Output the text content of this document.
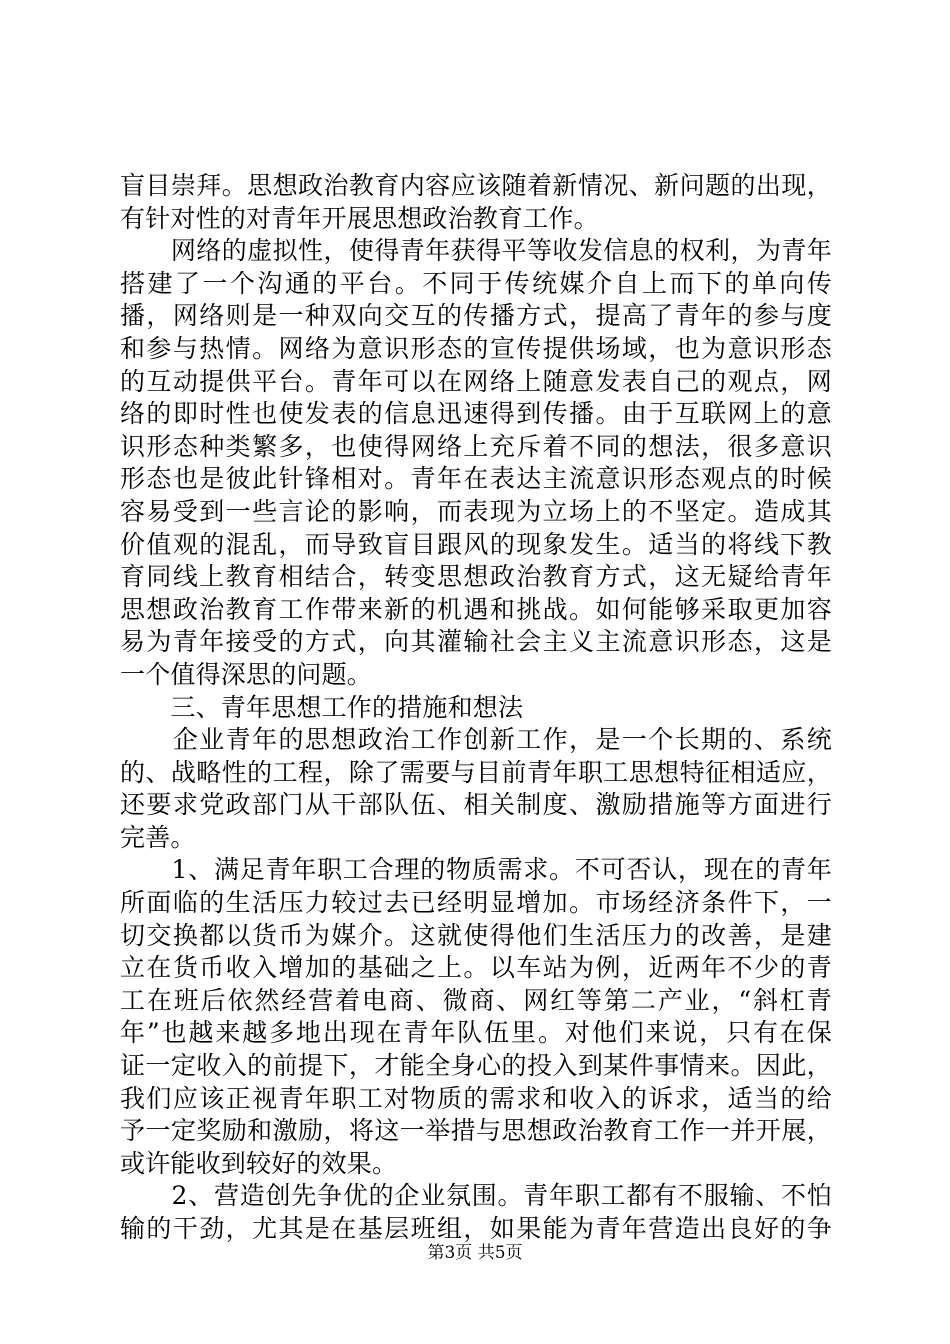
盲目崇拜。思想政治教育内容应该随着新情况、新问题的出现，
有针对性的对青年开展思想政治教育工作。
　　网络的虚拟性，使得青年获得平等收发信息的权利，为青年
搭建了一个沟通的平台。不同于传统媒介自上而下的单向传
播，网络则是一种双向交互的传播方式，提高了青年的参与度
和参与热情。网络为意识形态的宣传提供场域，也为意识形态
的互动提供平台。青年可以在网络上随意发表自己的观点，网
络的即时性也使发表的信息迅速得到传播。由于互联网上的意
识形态种类繁多，也使得网络上充斥着不同的想法，很多意识
形态也是彼此针锋相对。青年在表达主流意识形态观点的时候
容易受到一些言论的影响，而表现为立场上的不坚定。造成其
价值观的混乱，而导致盲目跟风的现象发生。适当的将线下教
育同线上教育相结合，转变思想政治教育方式，这无疑给青年
思想政治教育工作带来新的机遇和挑战。如何能够采取更加容
易为青年接受的方式，向其灌输社会主义主流意识形态，这是
一个值得深思的问题。
　　三、青年思想工作的措施和想法
　　企业青年的思想政治工作创新工作，是一个长期的、系统
的、战略性的工程，除了需要与目前青年职工思想特征相适应，
还要求党政部门从干部队伍、相关制度、激励措施等方面进行
完善。
　　1、满足青年职工合理的物质需求。不可否认，现在的青年
所面临的生活压力较过去已经明显增加。市场经济条件下，一
切交换都以货币为媒介。这就使得他们生活压力的改善，是建
立在货币收入增加的基础之上。以车站为例，近两年不少的青
工在班后依然经营着电商、微商、网红等第二产业，“斜杠青
年”也越来越多地出现在青年队伍里。对他们来说，只有在保
证一定收入的前提下，才能全身心的投入到某件事情来。因此，
我们应该正视青年职工对物质的需求和收入的诉求，适当的给
予一定奖励和激励，将这一举措与思想政治教育工作一并开展，
或许能收到较好的效果。
　　2、营造创先争优的企业氛围。青年职工都有不服输、不怕
输的干劲，尤其是在基层班组，如果能为青年营造出良好的争
第3页 共5页
